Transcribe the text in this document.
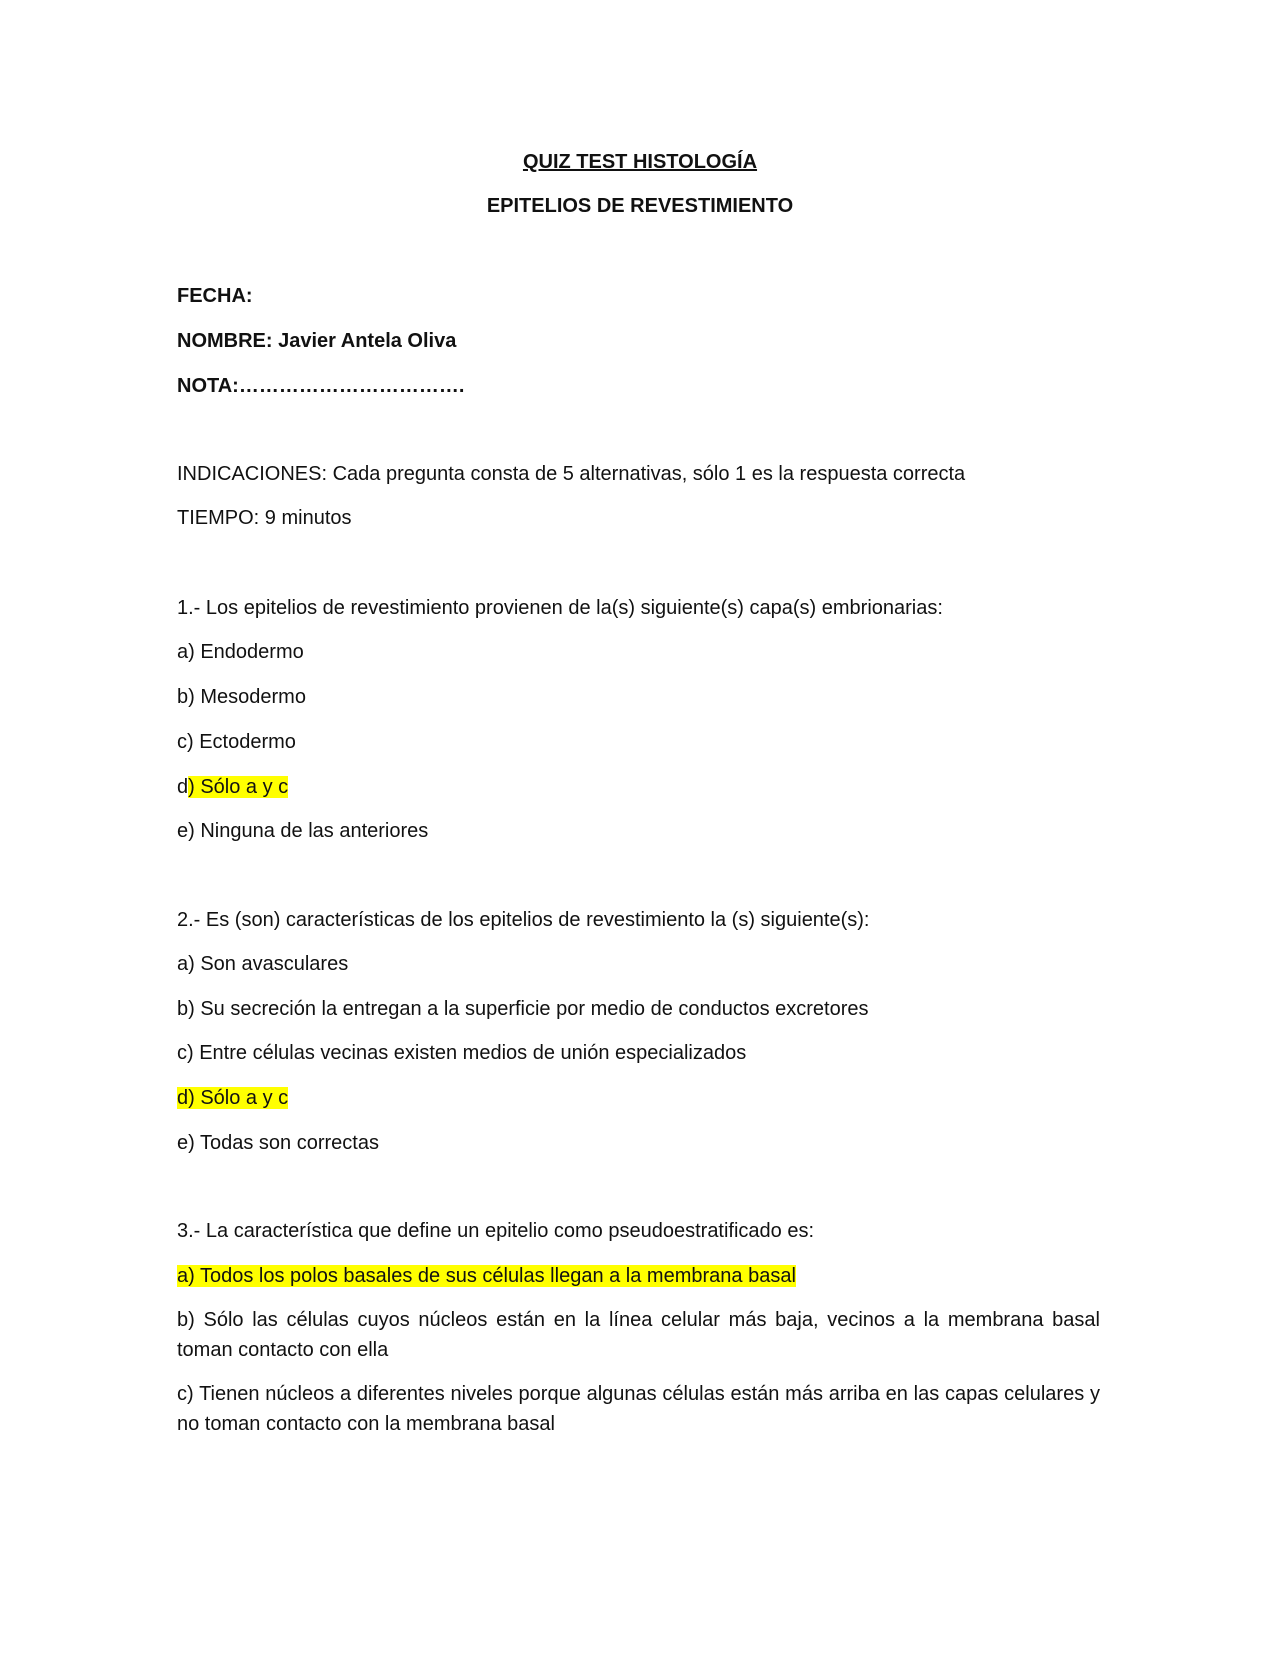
QUIZ TEST HISTOLOGÍA
EPITELIOS DE REVESTIMIENTO
FECHA:
NOMBRE: Javier Antela Oliva
NOTA:…………………………….
INDICACIONES: Cada pregunta consta de 5 alternativas, sólo 1 es la respuesta correcta
TIEMPO: 9 minutos
1.- Los epitelios de revestimiento provienen de la(s) siguiente(s) capa(s) embrionarias:
a) Endodermo
b) Mesodermo
c) Ectodermo
d) Sólo a y c
e) Ninguna de las anteriores
2.- Es (son) características de los epitelios de revestimiento la (s) siguiente(s):
a) Son avasculares
b) Su secreción la entregan a la superficie por medio de conductos excretores
c) Entre células vecinas existen medios de unión especializados
d) Sólo a y c
e) Todas son correctas
3.- La característica que define un epitelio como pseudoestratificado es:
a) Todos los polos basales de sus células llegan a la membrana basal
b) Sólo las células cuyos núcleos están en la línea celular más baja, vecinos a la membrana basal toman contacto con ella
c) Tienen núcleos a diferentes niveles porque algunas células están más arriba en las capas celulares y no toman contacto con la membrana basal
